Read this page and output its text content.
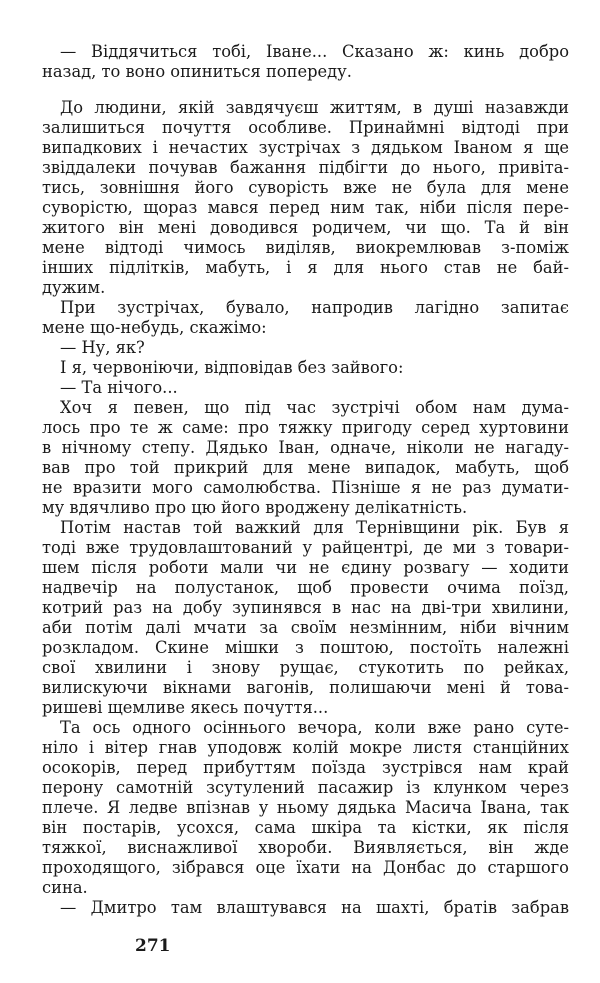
— Віддячиться тобі, Іване... Сказано ж: кинь добро
назад, то воно опиниться попереду.
До людини, якій завдячуєш життям, в душі назавжди
залишиться почуття особливе. Принаймні відтоді при
випадкових і нечастих зустрічах з дядьком Іваном я ще
звіддалеки почував бажання підбігти до нього, привіта-
тись, зовнішня його суворість вже не була для мене
суворістю, щораз мався перед ним так, ніби після пере-
житого він мені доводився родичем, чи що. Та й він
мене відтоді чимось виділяв, виокремлював з-поміж
інших підлітків, мабуть, і я для нього став не бай-
дужим.
При зустрічах, бувало, напродив лагідно запитає
мене що-небудь, скажімо:
— Ну, як?
І я, червоніючи, відповідав без зайвого:
— Та нічого...
Хоч я певен, що під час зустрічі обом нам дума-
лось про те ж саме: про тяжку пригоду серед хуртовини
в нічному степу. Дядько Іван, одначе, ніколи не нагаду-
вав про той прикрий для мене випадок, мабуть, щоб
не вразити мого самолюбства. Пізніше я не раз думати-
му вдячливо про цю його вроджену делікатність.
Потім настав той важкий для Тернівщини рік. Був я
тоді вже трудовлаштований у райцентрі, де ми з товари-
шем після роботи мали чи не єдину розвагу — ходити
надвечір на полустанок, щоб провести очима поїзд,
котрий раз на добу зупинявся в нас на дві-три хвилини,
аби потім далі мчати за своїм незмінним, ніби вічним
розкладом. Скине мішки з поштою, постоїть належні
свої хвилини і знову рущає, стукотить по рейках,
вилискуючи вікнами вагонів, полишаючи мені й това-
ришеві щемливе якесь почуття...
Та ось одного осіннього вечора, коли вже рано суте-
ніло і вітер гнав уподовж колій мокре листя станційних
осокорів, перед прибуттям поїзда зустрівся нам край
перону самотній зсутулений пасажир із клунком через
плече. Я ледве впізнав у ньому дядька Масича Івана, так
він постарів, усохся, сама шкіра та кістки, як після
тяжкої, виснажливої хвороби. Виявляється, він жде
проходящого, зібрався оце їхати на Донбас до старшого
сина.
— Дмитро там влаштувався на шахті, братів забрав
271
